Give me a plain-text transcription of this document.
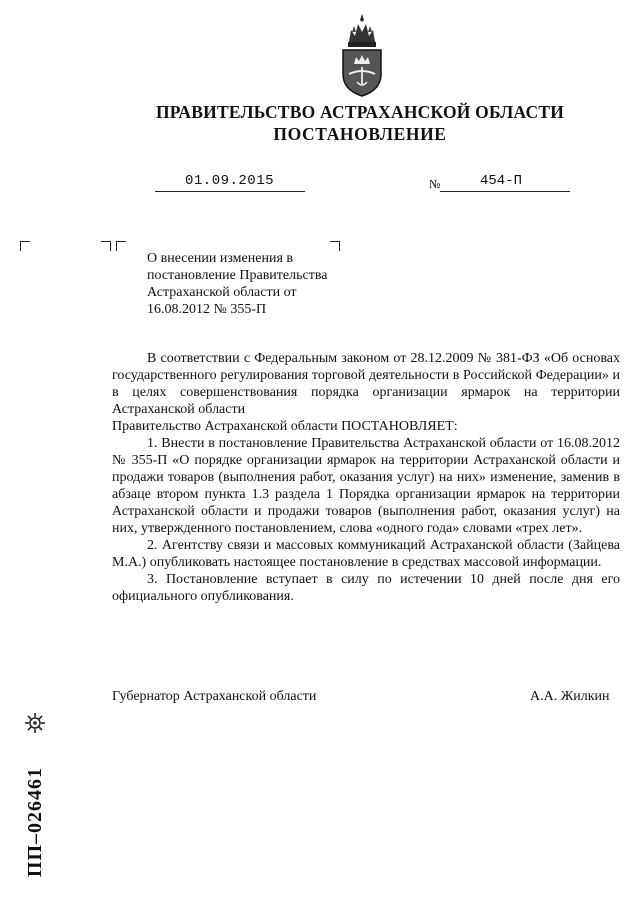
ПРАВИТЕЛЬСТВО АСТРАХАНСКОЙ ОБЛАСТИ
ПОСТАНОВЛЕНИЕ
01.09.2015	№	454-П
О внесении изменения в
постановление Правительства
Астраханской области от
16.08.2012 № 355-П

В соответствии с Федеральным законом от 28.12.2009 № 381-ФЗ «Об основах государственного регулирования торговой деятельности в Российской Федерации» и в целях совершенствования порядка организации ярмарок на территории Астраханской области

Правительство Астраханской области ПОСТАНОВЛЯЕТ:

1. Внести в постановление Правительства Астраханской области от 16.08.2012 № 355-П «О порядке организации ярмарок на территории Астраханской области и продажи товаров (выполнения работ, оказания услуг) на них» изменение, заменив в абзаце втором пункта 1.3 раздела 1 Порядка организации ярмарок на территории Астраханской области и продажи товаров (выполнения работ, оказания услуг) на них, утвержденного постановлением, слова «одного года» словами «трех лет».

2. Агентству связи и массовых коммуникаций Астраханской области (Зайцева М.А.) опубликовать настоящее постановление в средствах массовой информации.

3. Постановление вступает в силу по истечении 10 дней после дня его официального опубликования.

Губернатор Астраханской области	А.А. Жилкин
ПП–026461
